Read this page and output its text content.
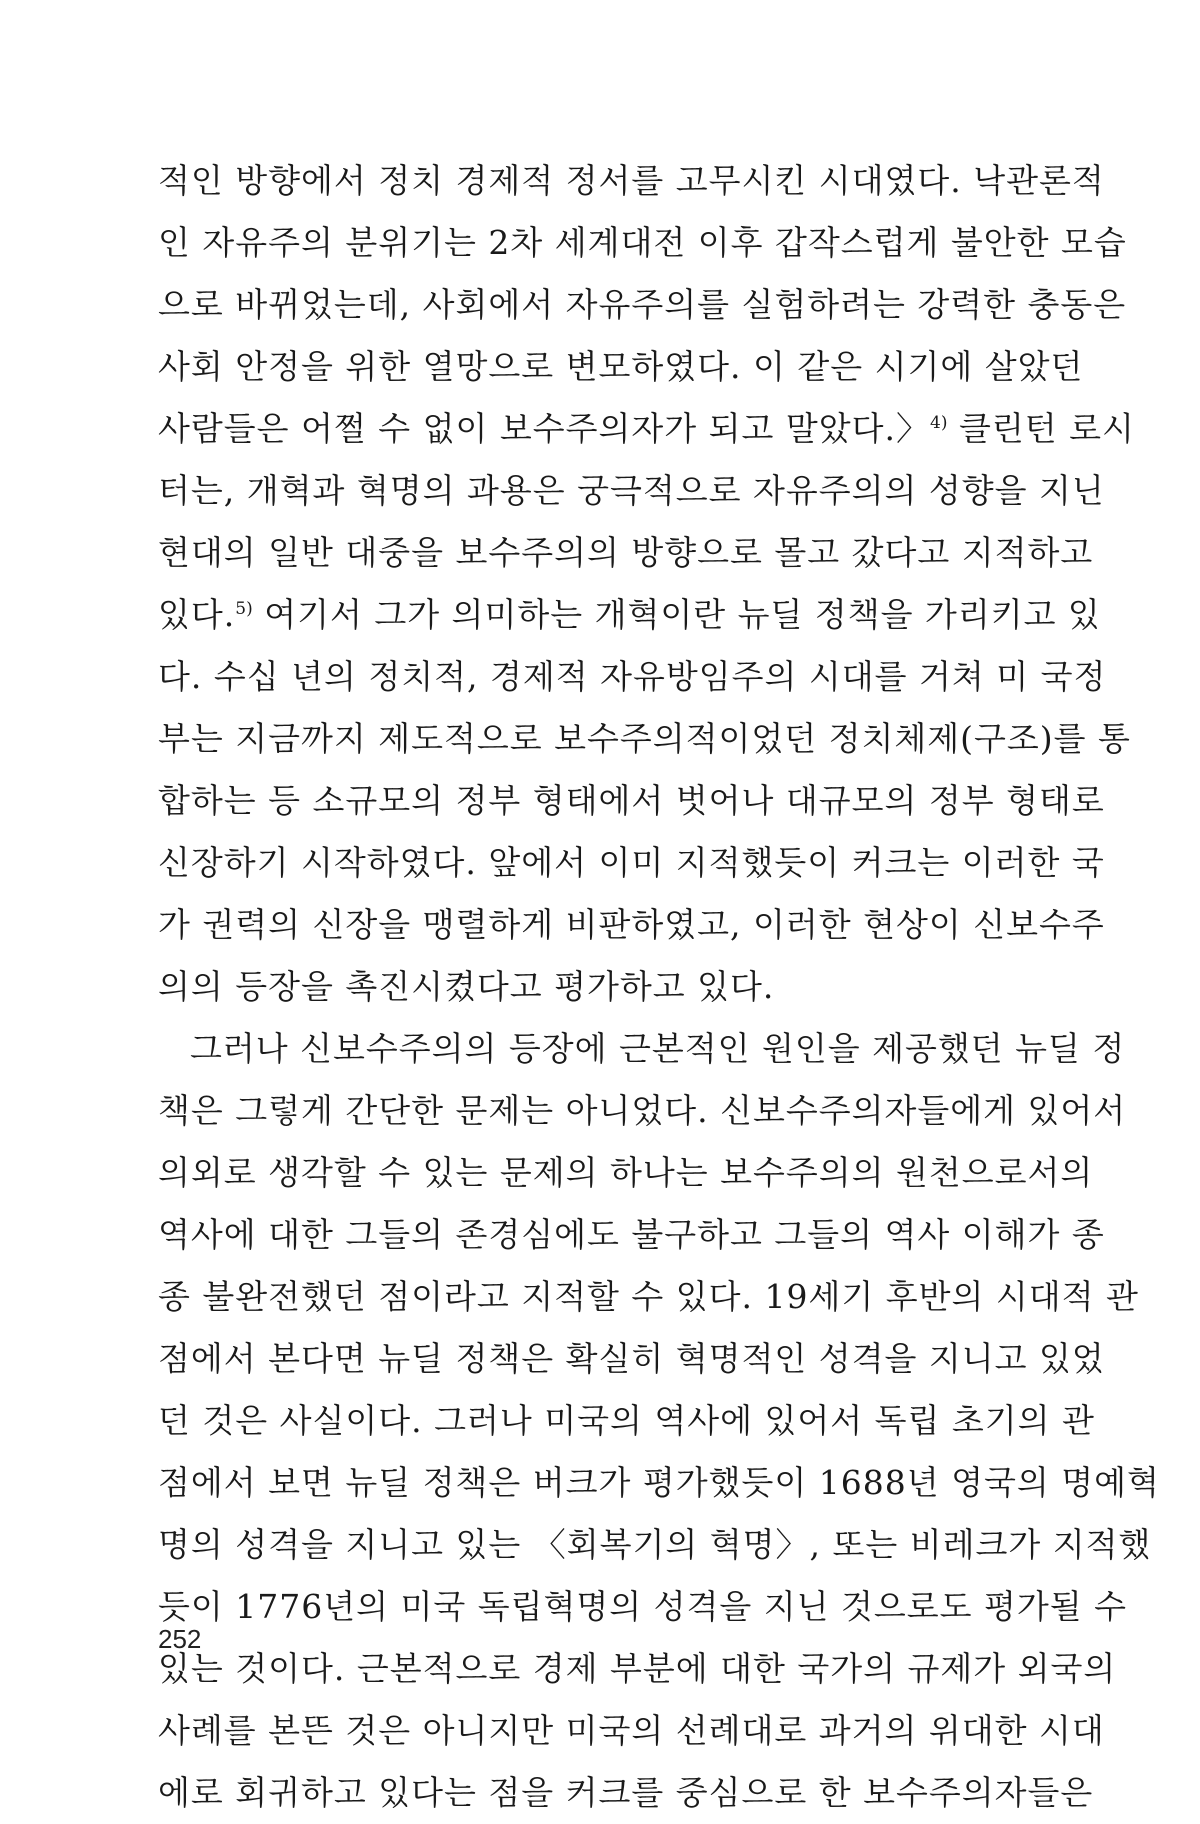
적인 방향에서 정치 경제적 정서를 고무시킨 시대였다. 낙관론적
인 자유주의 분위기는 2차 세계대전 이후 갑작스럽게 불안한 모습
으로 바뀌었는데, 사회에서 자유주의를 실험하려는 강력한 충동은
사회 안정을 위한 열망으로 변모하였다. 이 같은 시기에 살았던
사람들은 어쩔 수 없이 보수주의자가 되고 말았다.〉$^{4)}$ 클린턴 로시
터는, 개혁과 혁명의 과용은 궁극적으로 자유주의의 성향을 지닌
현대의 일반 대중을 보수주의의 방향으로 몰고 갔다고 지적하고
있다.$^{5)}$ 여기서 그가 의미하는 개혁이란 뉴딜 정책을 가리키고 있
다. 수십 년의 정치적, 경제적 자유방임주의 시대를 거쳐 미 국정
부는 지금까지 제도적으로 보수주의적이었던 정치체제(구조)를 통
합하는 등 소규모의 정부 형태에서 벗어나 대규모의 정부 형태로
신장하기 시작하였다. 앞에서 이미 지적했듯이 커크는 이러한 국
가 권력의 신장을 맹렬하게 비판하였고, 이러한 현상이 신보수주
의의 등장을 촉진시켰다고 평가하고 있다.
그러나 신보수주의의 등장에 근본적인 원인을 제공했던 뉴딜 정
책은 그렇게 간단한 문제는 아니었다. 신보수주의자들에게 있어서
의외로 생각할 수 있는 문제의 하나는 보수주의의 원천으로서의
역사에 대한 그들의 존경심에도 불구하고 그들의 역사 이해가 종
종 불완전했던 점이라고 지적할 수 있다. 19세기 후반의 시대적 관
점에서 본다면 뉴딜 정책은 확실히 혁명적인 성격을 지니고 있었
던 것은 사실이다. 그러나 미국의 역사에 있어서 독립 초기의 관
점에서 보면 뉴딜 정책은 버크가 평가했듯이 1688년 영국의 명예혁
명의 성격을 지니고 있는 〈회복기의 혁명〉, 또는 비레크가 지적했
듯이 1776년의 미국 독립혁명의 성격을 지닌 것으로도 평가될 수
있는 것이다. 근본적으로 경제 부분에 대한 국가의 규제가 외국의
사례를 본뜬 것은 아니지만 미국의 선례대로 과거의 위대한 시대
에로 회귀하고 있다는 점을 커크를 중심으로 한 보수주의자들은
252
